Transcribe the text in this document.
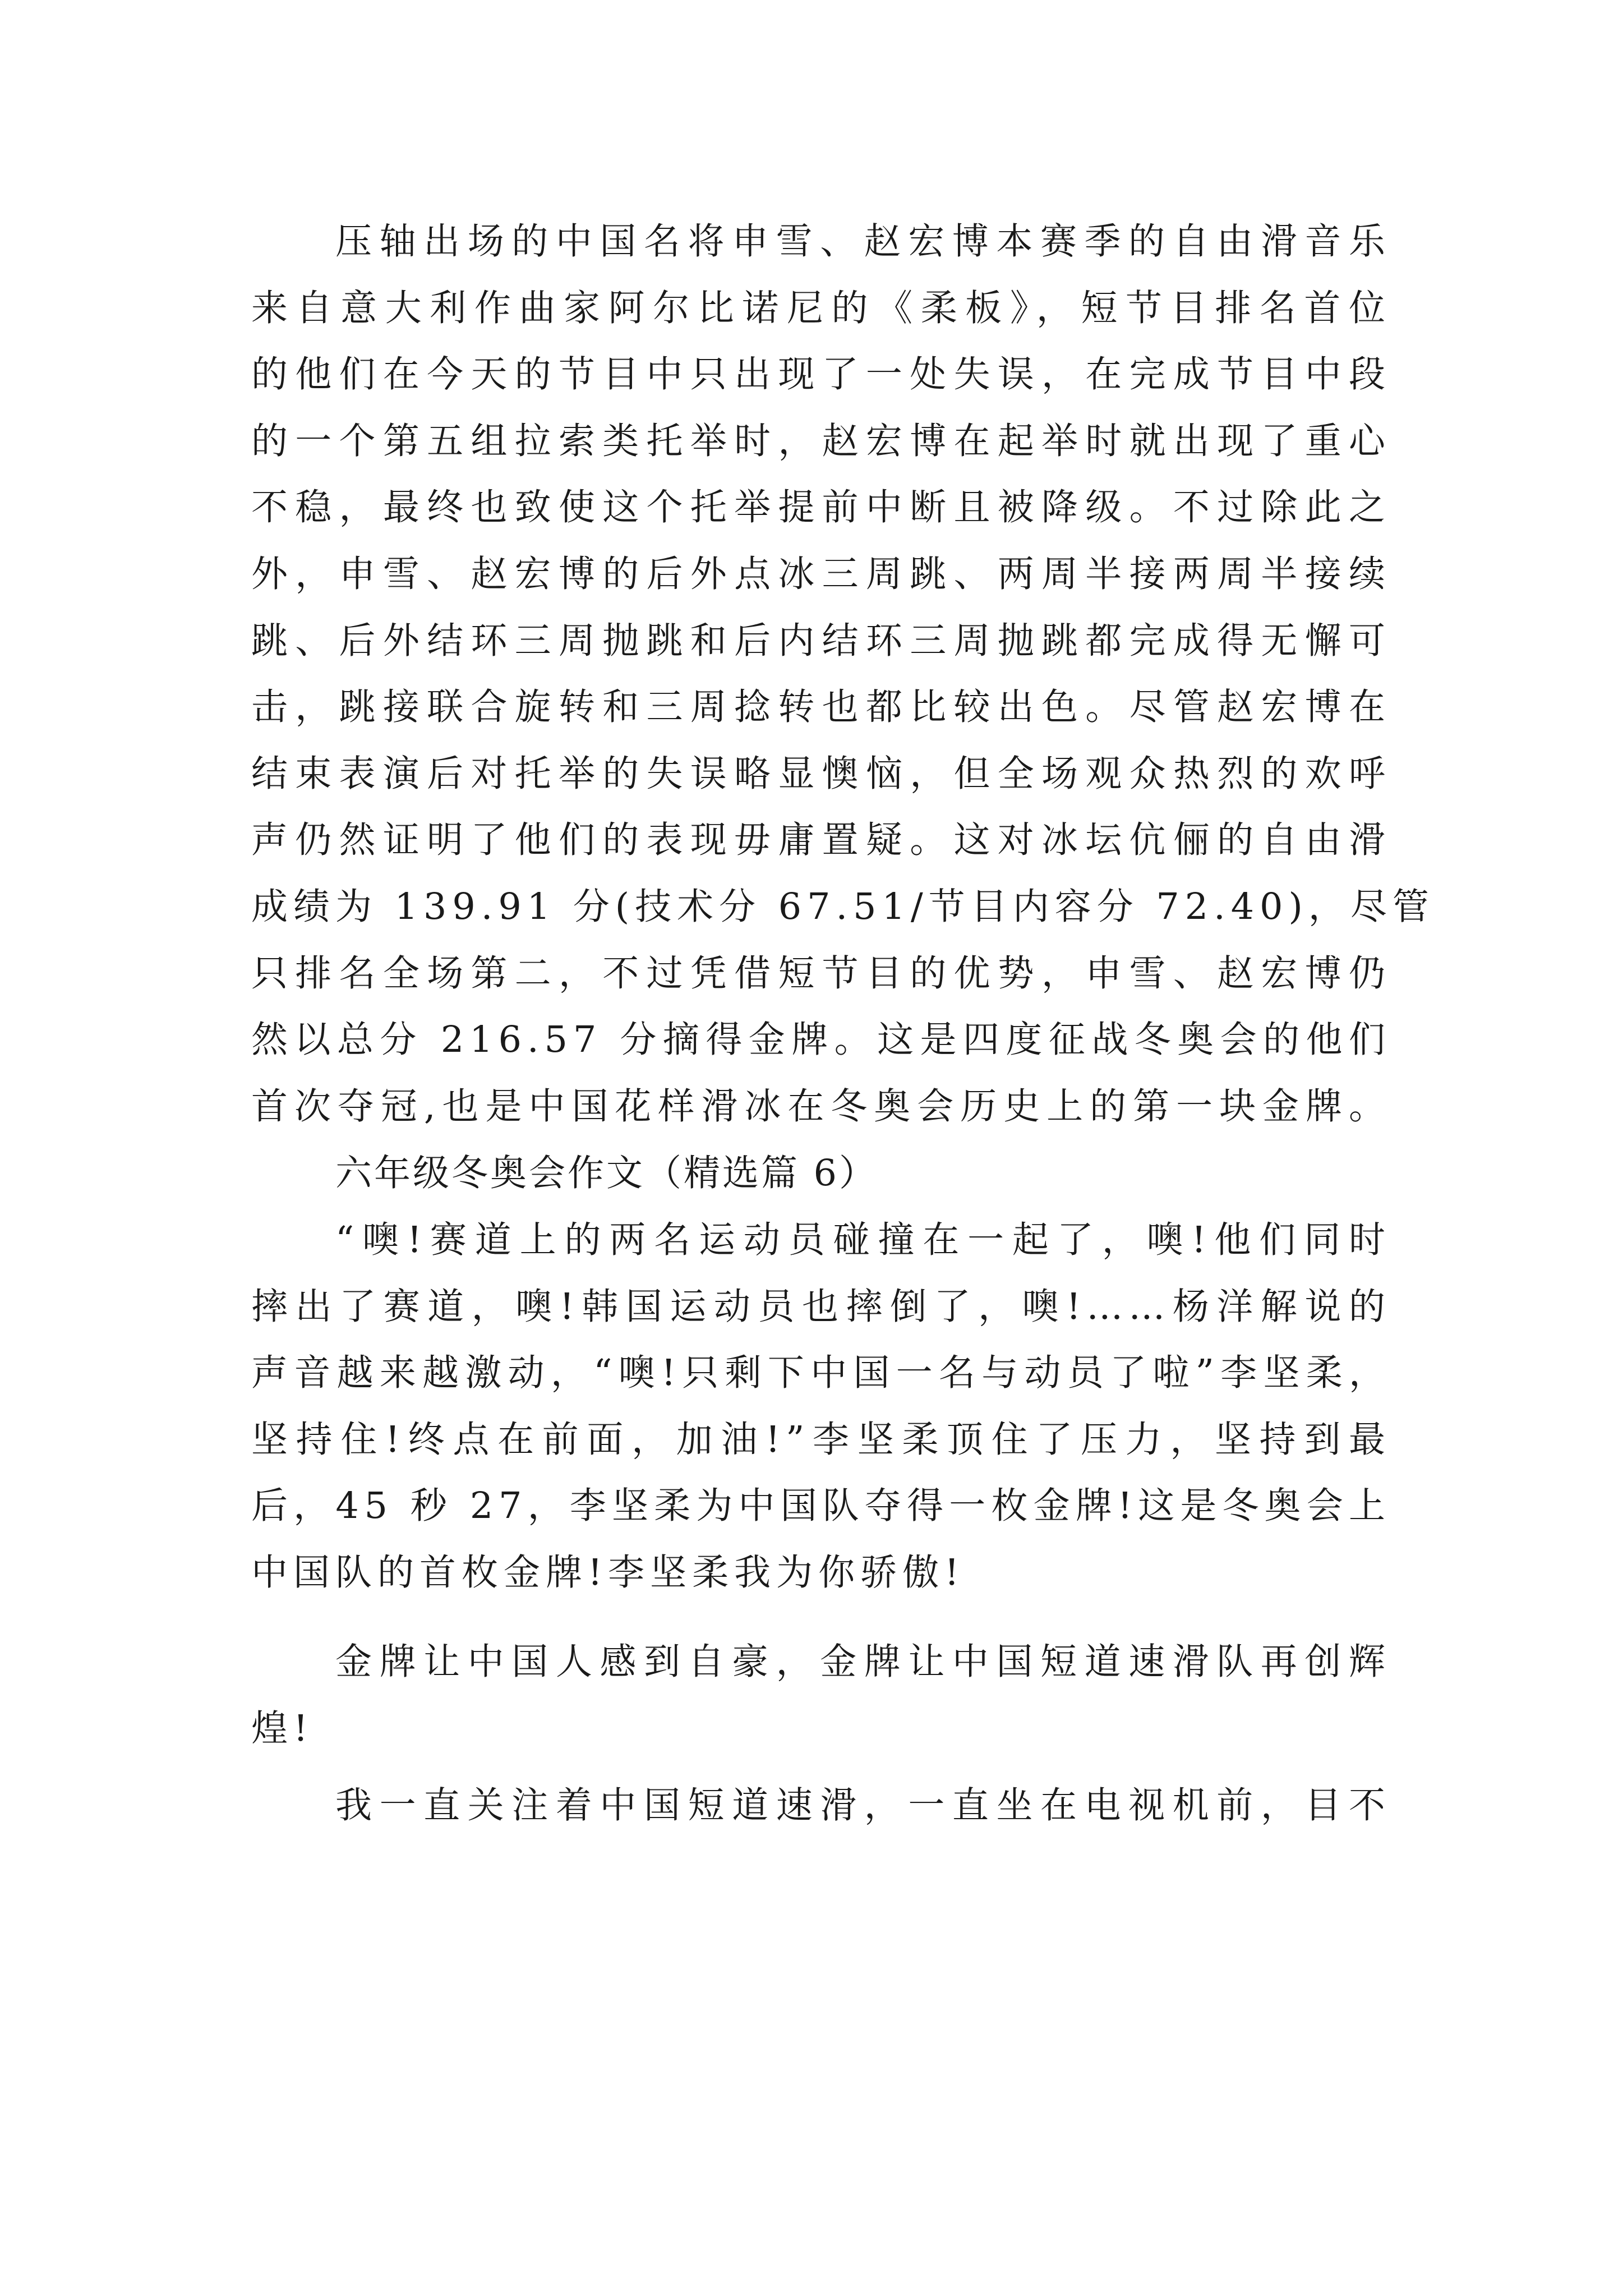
压轴出场的中国名将申雪、赵宏博本赛季的自由滑音乐
来自意大利作曲家阿尔比诺尼的《柔板》，短节目排名首位
的他们在今天的节目中只出现了一处失误，在完成节目中段
的一个第五组拉索类托举时，赵宏博在起举时就出现了重心
不稳，最终也致使这个托举提前中断且被降级。不过除此之
外，申雪、赵宏博的后外点冰三周跳、两周半接两周半接续
跳、后外结环三周抛跳和后内结环三周抛跳都完成得无懈可
击，跳接联合旋转和三周捻转也都比较出色。尽管赵宏博在
结束表演后对托举的失误略显懊恼，但全场观众热烈的欢呼
声仍然证明了他们的表现毋庸置疑。这对冰坛伉俪的自由滑
成绩为 139.91 分(技术分 67.51/节目内容分 72.40)，尽管
只排名全场第二，不过凭借短节目的优势，申雪、赵宏博仍
然以总分 216.57 分摘得金牌。这是四度征战冬奥会的他们
首次夺冠,也是中国花样滑冰在冬奥会历史上的第一块金牌。
六年级冬奥会作文（精选篇 6）
“噢!赛道上的两名运动员碰撞在一起了，噢!他们同时
摔出了赛道，噢!韩国运动员也摔倒了，噢!……杨洋解说的
声音越来越激动，“噢!只剩下中国一名与动员了啦”李坚柔，
坚持住!终点在前面，加油!”李坚柔顶住了压力，坚持到最
后，45 秒 27，李坚柔为中国队夺得一枚金牌!这是冬奥会上
中国队的首枚金牌!李坚柔我为你骄傲!
金牌让中国人感到自豪，金牌让中国短道速滑队再创辉
煌!
我一直关注着中国短道速滑，一直坐在电视机前，目不
